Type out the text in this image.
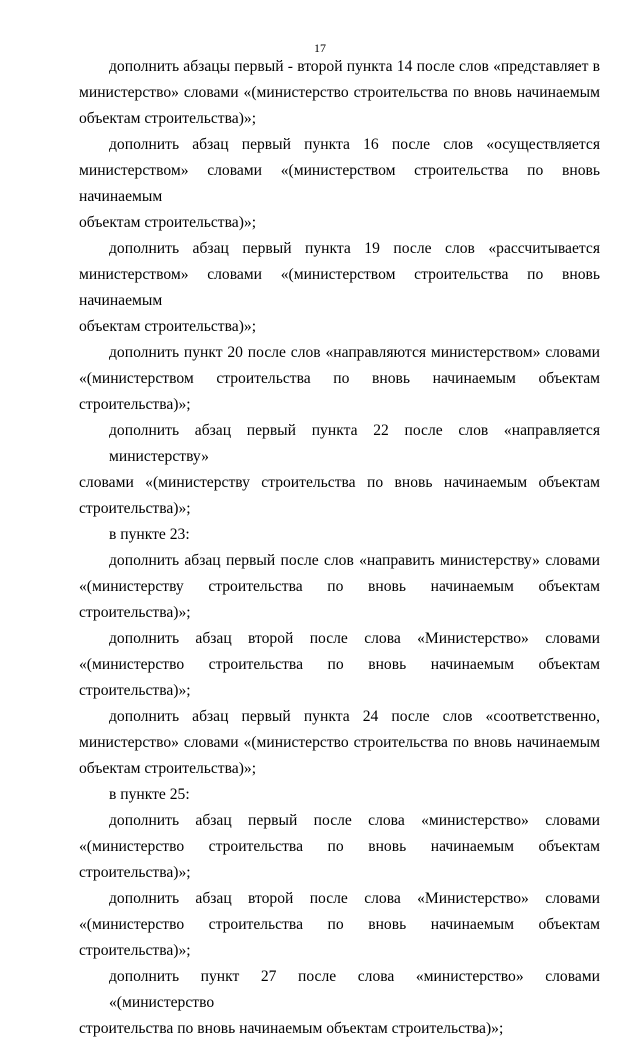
17
дополнить абзацы первый - второй пункта 14 после слов «представляет в
министерство» словами «(министерство строительства по вновь начинаемым
объектам строительства)»;
дополнить абзац первый пункта 16 после слов «осуществляется
министерством» словами «(министерством строительства по вновь начинаемым
объектам строительства)»;
дополнить абзац первый пункта 19 после слов «рассчитывается
министерством» словами «(министерством строительства по вновь начинаемым
объектам строительства)»;
дополнить пункт 20 после слов «направляются министерством» словами
«(министерством строительства по вновь начинаемым объектам
строительства)»;
дополнить абзац первый пункта 22 после слов «направляется министерству»
словами «(министерству строительства по вновь начинаемым объектам
строительства)»;
в пункте 23:
дополнить абзац первый после слов «направить министерству» словами
«(министерству строительства по вновь начинаемым объектам строительства)»;
дополнить абзац второй после слова «Министерство» словами
«(министерство строительства по вновь начинаемым объектам строительства)»;
дополнить абзац первый пункта 24 после слов «соответственно,
министерство» словами «(министерство строительства по вновь начинаемым
объектам строительства)»;
в пункте 25:
дополнить абзац первый после слова «министерство» словами
«(министерство строительства по вновь начинаемым объектам строительства)»;
дополнить абзац второй после слова «Министерство» словами
«(министерство строительства по вновь начинаемым объектам строительства)»;
дополнить пункт 27 после слова «министерство» словами «(министерство
строительства по вновь начинаемым объектам строительства)»;
